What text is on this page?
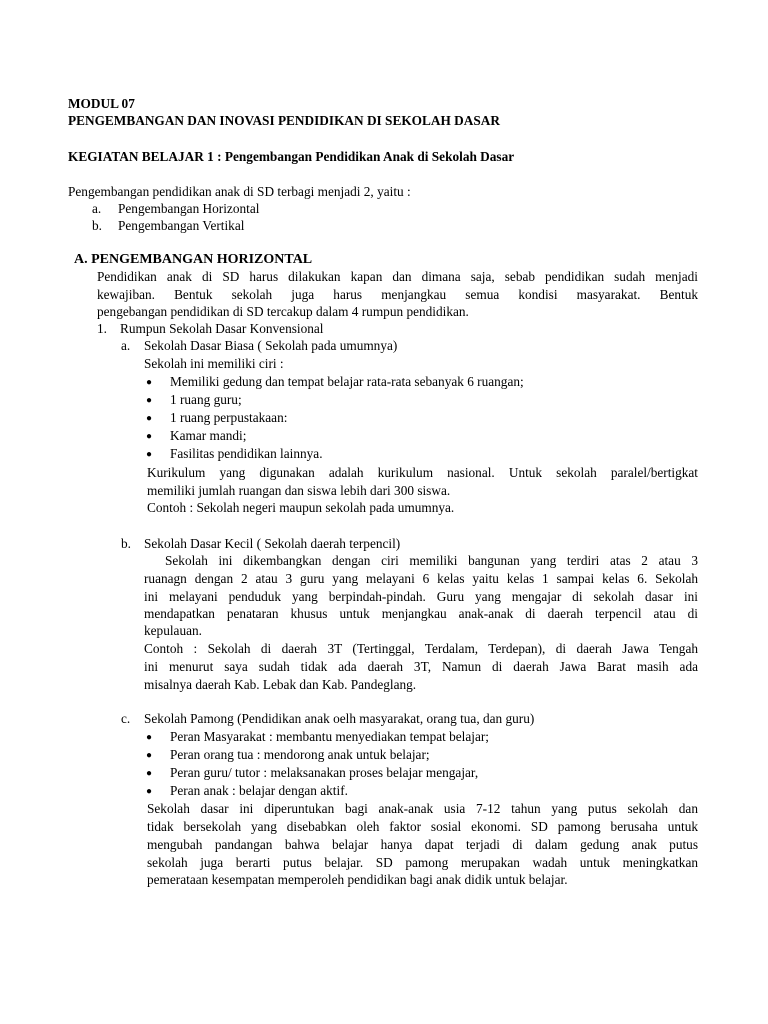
MODUL 07
PENGEMBANGAN DAN INOVASI PENDIDIKAN DI SEKOLAH DASAR
KEGIATAN BELAJAR 1 : Pengembangan Pendidikan Anak di Sekolah Dasar
Pengembangan pendidikan anak di SD terbagi menjadi 2, yaitu :
a. Pengembangan Horizontal
b. Pengembangan Vertikal
A. PENGEMBANGAN HORIZONTAL
Pendidikan anak di SD harus dilakukan kapan dan dimana saja, sebab pendidikan sudah menjadi
kewajiban. Bentuk sekolah juga harus menjangkau semua kondisi masyarakat. Bentuk
pengebangan pendidikan di SD tercakup dalam 4 rumpun pendidikan.
1. Rumpun Sekolah Dasar Konvensional
a. Sekolah Dasar Biasa ( Sekolah pada umumnya)
Sekolah ini memiliki ciri :
● Memiliki gedung dan tempat belajar rata-rata sebanyak 6 ruangan;
● 1 ruang guru;
● 1 ruang perpustakaan:
● Kamar mandi;
● Fasilitas pendidikan lainnya.
Kurikulum yang digunakan adalah kurikulum nasional. Untuk sekolah paralel/bertigkat
memiliki jumlah ruangan dan siswa lebih dari 300 siswa.
Contoh : Sekolah negeri maupun sekolah pada umumnya.
b. Sekolah Dasar Kecil ( Sekolah daerah terpencil)
Sekolah ini dikembangkan dengan ciri memiliki bangunan yang terdiri atas 2 atau 3
ruanagn dengan 2 atau 3 guru yang melayani 6 kelas yaitu kelas 1 sampai kelas 6. Sekolah
ini melayani penduduk yang berpindah-pindah. Guru yang mengajar di sekolah dasar ini
mendapatkan penataran khusus untuk menjangkau anak-anak di daerah terpencil atau di
kepulauan.
Contoh : Sekolah di daerah 3T (Tertinggal, Terdalam, Terdepan), di daerah Jawa Tengah
ini menurut saya sudah tidak ada daerah 3T, Namun di daerah Jawa Barat masih ada
misalnya daerah Kab. Lebak dan Kab. Pandeglang.
c. Sekolah Pamong (Pendidikan anak oelh masyarakat, orang tua, dan guru)
● Peran Masyarakat : membantu menyediakan tempat belajar;
● Peran orang tua : mendorong anak untuk belajar;
● Peran guru/ tutor : melaksanakan proses belajar mengajar,
● Peran anak : belajar dengan aktif.
Sekolah dasar ini diperuntukan bagi anak-anak usia 7-12 tahun yang putus sekolah dan
tidak bersekolah yang disebabkan oleh faktor sosial ekonomi. SD pamong berusaha untuk
mengubah pandangan bahwa belajar hanya dapat terjadi di dalam gedung anak putus
sekolah juga berarti putus belajar. SD pamong merupakan wadah untuk meningkatkan
pemerataan kesempatan memperoleh pendidikan bagi anak didik untuk belajar.
